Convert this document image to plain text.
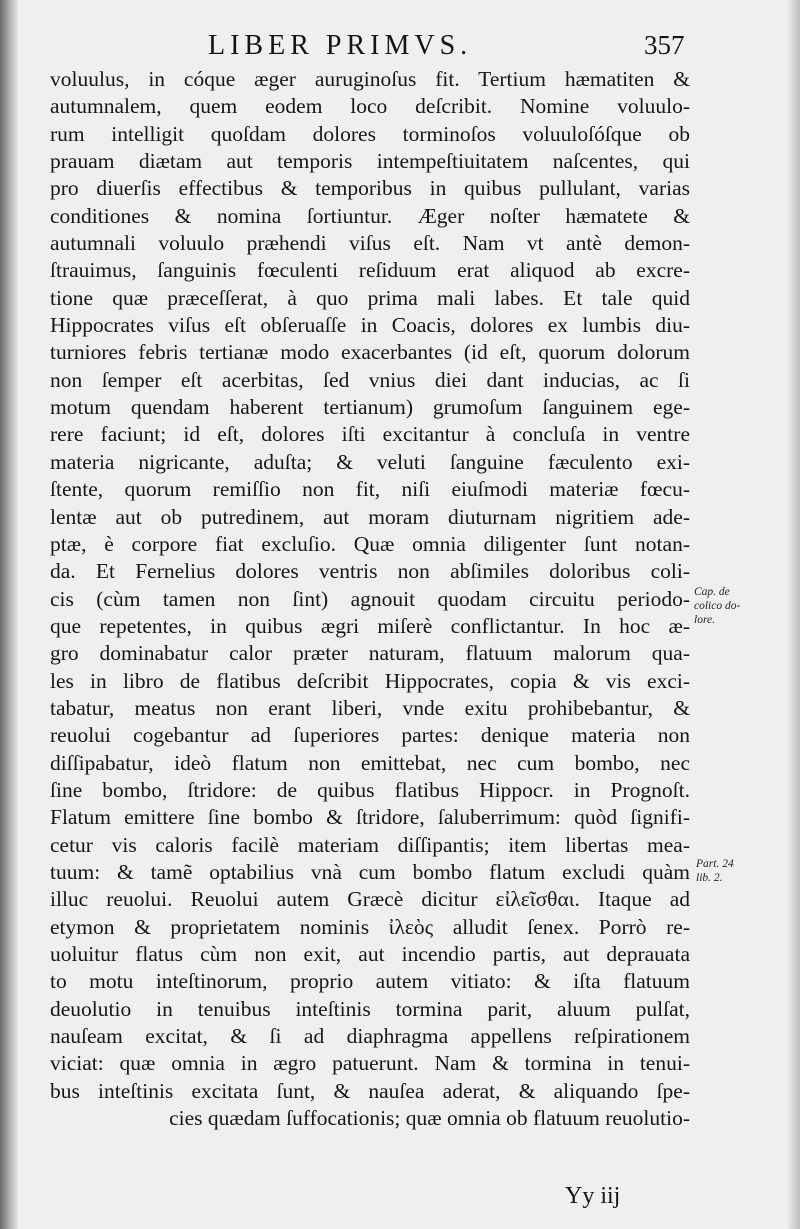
LIBER PRIMVS.	357
voluulus, in cóque æger auruginoſus fit. Tertium hæmatiten &
autumnalem, quem eodem loco deſcribit. Nomine voluulo-
rum intelligit quoſdam dolores torminoſos voluuloſóſque ob
prauam diætam aut temporis intempeſtiuitatem naſcentes, qui
pro diuerſis effectibus & temporibus in quibus pullulant, varias
conditiones & nomina ſortiuntur. Æger noſter hæmatete &
autumnali voluulo præhendi viſus eſt. Nam vt antè demon-
ſtrauimus, ſanguinis fœculenti reſiduum erat aliquod ab excre-
tione quæ præceſſerat, à quo prima mali labes. Et tale quid
Hippocrates viſus eſt obſeruaſſe in Coacis, dolores ex lumbis diu-
turniores febris tertianæ modo exacerbantes (id eſt, quorum dolorum
non ſemper eſt acerbitas, ſed vnius diei dant inducias, ac ſi
motum quendam haberent tertianum) grumoſum ſanguinem ege-
rere faciunt; id eſt, dolores iſti excitantur à concluſa in ventre
materia nigricante, aduſta; & veluti ſanguine fæculento exi-
ſtente, quorum remiſſio non fit, niſi eiuſmodi materiæ fœcu-
lentæ aut ob putredinem, aut moram diuturnam nigritiem ade-
ptæ, è corpore fiat excluſio. Quæ omnia diligenter ſunt notan-
da. Et Fernelius dolores ventris non abſimiles doloribus coli-
cis (cùm tamen non ſint) agnouit quodam circuitu periodo-
que repetentes, in quibus ægri miſerè conflictantur. In hoc æ-
gro dominabatur calor præter naturam, flatuum malorum qua-
les in libro de flatibus deſcribit Hippocrates, copia & vis exci-
tabatur, meatus non erant liberi, vnde exitu prohibebantur, &
reuolui cogebantur ad ſuperiores partes: denique materia non
diſſipabatur, ideò flatum non emittebat, nec cum bombo, nec
ſine bombo, ſtridore: de quibus flatibus Hippocr. in Prognoſt.
Flatum emittere ſine bombo & ſtridore, ſaluberrimum: quòd ſignifi-
cetur vis caloris facilè materiam diſſipantis; item libertas mea-
tuum: & tamẽ optabilius vnà cum bombo flatum excludi quàm
illuc reuolui. Reuolui autem Græcè dicitur εἰλεῖσθαι. Itaque ad
etymon & proprietatem nominis ἰλεὸς alludit ſenex. Porrò re-
uoluitur flatus cùm non exit, aut incendio partis, aut deprauata
to motu inteſtinorum, proprio autem vitiato: & iſta flatuum
deuolutio in tenuibus inteſtinis tormina parit, aluum pulſat,
nauſeam excitat, & ſi ad diaphragma appellens reſpirationem
viciat: quæ omnia in ægro patuerunt. Nam & tormina in tenui-
bus inteſtinis excitata ſunt, & nauſea aderat, & aliquando ſpe-
cies quædam ſuffocationis; quæ omnia ob flatuum reuolutio-
Cap. de
colico do-
lore.
Part. 24
lib. 2.
Yy iij
